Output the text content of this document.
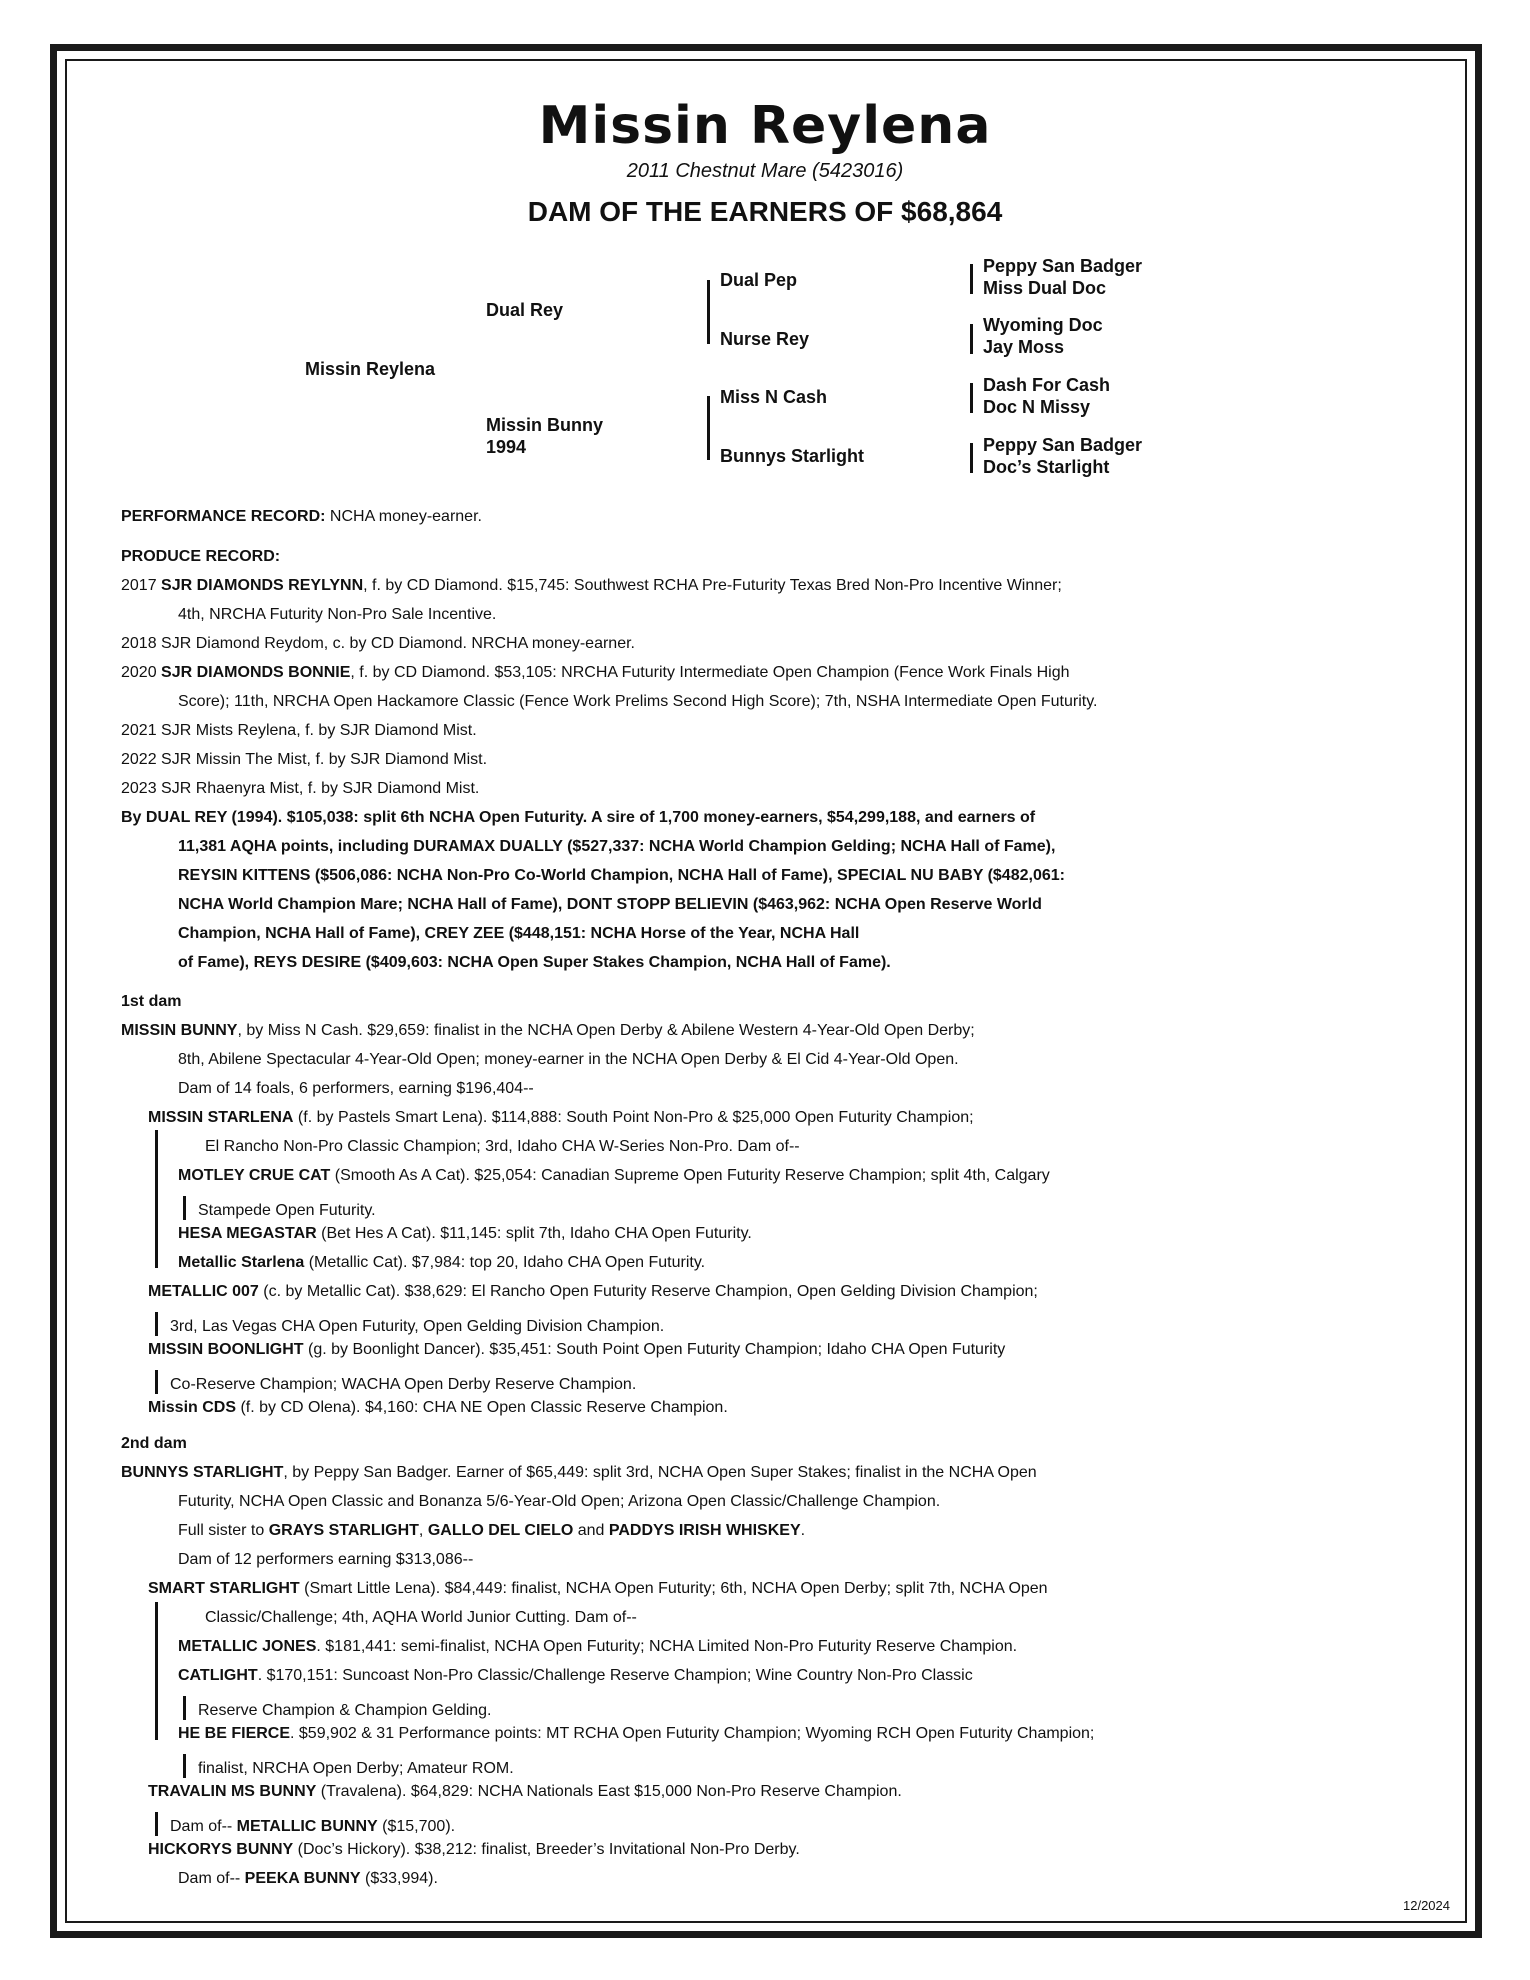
Missin Reylena
2011 Chestnut Mare (5423016)
DAM OF THE EARNERS OF $68,864
Missin Reylena
Dual Rey
Missin Bunny
1994
Dual Pep
Nurse Rey
Miss N Cash
Bunnys Starlight
Peppy San Badger
Miss Dual Doc
Wyoming Doc
Jay Moss
Dash For Cash
Doc N Missy
Peppy San Badger
Doc’s Starlight
PERFORMANCE RECORD: NCHA money-earner.
PRODUCE RECORD:
2017 SJR DIAMONDS REYLYNN, f. by CD Diamond. $15,745: Southwest RCHA Pre-Futurity Texas Bred Non-Pro Incentive Winner;
4th, NRCHA Futurity Non-Pro Sale Incentive.
2018 SJR Diamond Reydom, c. by CD Diamond. NRCHA money-earner.
2020 SJR DIAMONDS BONNIE, f. by CD Diamond. $53,105: NRCHA Futurity Intermediate Open Champion (Fence Work Finals High
Score); 11th, NRCHA Open Hackamore Classic (Fence Work Prelims Second High Score); 7th, NSHA Intermediate Open Futurity.
2021 SJR Mists Reylena, f. by SJR Diamond Mist.
2022 SJR Missin The Mist, f. by SJR Diamond Mist.
2023 SJR Rhaenyra Mist, f. by SJR Diamond Mist.
By DUAL REY (1994). $105,038: split 6th NCHA Open Futurity. A sire of 1,700 money-earners, $54,299,188, and earners of
11,381 AQHA points, including DURAMAX DUALLY ($527,337: NCHA World Champion Gelding; NCHA Hall of Fame),
REYSIN KITTENS ($506,086: NCHA Non-Pro Co-World Champion, NCHA Hall of Fame), SPECIAL NU BABY ($482,061:
NCHA World Champion Mare; NCHA Hall of Fame), DONT STOPP BELIEVIN ($463,962: NCHA Open Reserve World
Champion, NCHA Hall of Fame), CREY ZEE ($448,151: NCHA Horse of the Year, NCHA Hall
of Fame), REYS DESIRE ($409,603: NCHA Open Super Stakes Champion, NCHA Hall of Fame).
1st dam
MISSIN BUNNY, by Miss N Cash. $29,659: finalist in the NCHA Open Derby & Abilene Western 4-Year-Old Open Derby;
8th, Abilene Spectacular 4-Year-Old Open; money-earner in the NCHA Open Derby & El Cid 4-Year-Old Open.
Dam of 14 foals, 6 performers, earning $196,404--
MISSIN STARLENA (f. by Pastels Smart Lena). $114,888: South Point Non-Pro & $25,000 Open Futurity Champion;
El Rancho Non-Pro Classic Champion; 3rd, Idaho CHA W-Series Non-Pro. Dam of--
MOTLEY CRUE CAT (Smooth As A Cat). $25,054: Canadian Supreme Open Futurity Reserve Champion; split 4th, Calgary
Stampede Open Futurity.
HESA MEGASTAR (Bet Hes A Cat). $11,145: split 7th, Idaho CHA Open Futurity.
Metallic Starlena (Metallic Cat). $7,984: top 20, Idaho CHA Open Futurity.
METALLIC 007 (c. by Metallic Cat). $38,629: El Rancho Open Futurity Reserve Champion, Open Gelding Division Champion;
3rd, Las Vegas CHA Open Futurity, Open Gelding Division Champion.
MISSIN BOONLIGHT (g. by Boonlight Dancer). $35,451: South Point Open Futurity Champion; Idaho CHA Open Futurity
Co-Reserve Champion; WACHA Open Derby Reserve Champion.
Missin CDS (f. by CD Olena). $4,160: CHA NE Open Classic Reserve Champion.
2nd dam
BUNNYS STARLIGHT, by Peppy San Badger. Earner of $65,449: split 3rd, NCHA Open Super Stakes; finalist in the NCHA Open
Futurity, NCHA Open Classic and Bonanza 5/6-Year-Old Open; Arizona Open Classic/Challenge Champion.
Full sister to GRAYS STARLIGHT, GALLO DEL CIELO and PADDYS IRISH WHISKEY.
Dam of 12 performers earning $313,086--
SMART STARLIGHT (Smart Little Lena). $84,449: finalist, NCHA Open Futurity; 6th, NCHA Open Derby; split 7th, NCHA Open
Classic/Challenge; 4th, AQHA World Junior Cutting. Dam of--
METALLIC JONES. $181,441: semi-finalist, NCHA Open Futurity; NCHA Limited Non-Pro Futurity Reserve Champion.
CATLIGHT. $170,151: Suncoast Non-Pro Classic/Challenge Reserve Champion; Wine Country Non-Pro Classic
Reserve Champion & Champion Gelding.
HE BE FIERCE. $59,902 & 31 Performance points: MT RCHA Open Futurity Champion; Wyoming RCH Open Futurity Champion;
finalist, NRCHA Open Derby; Amateur ROM.
TRAVALIN MS BUNNY (Travalena). $64,829: NCHA Nationals East $15,000 Non-Pro Reserve Champion.
Dam of-- METALLIC BUNNY ($15,700).
HICKORYS BUNNY (Doc’s Hickory). $38,212: finalist, Breeder’s Invitational Non-Pro Derby.
Dam of-- PEEKA BUNNY ($33,994).
12/2024
